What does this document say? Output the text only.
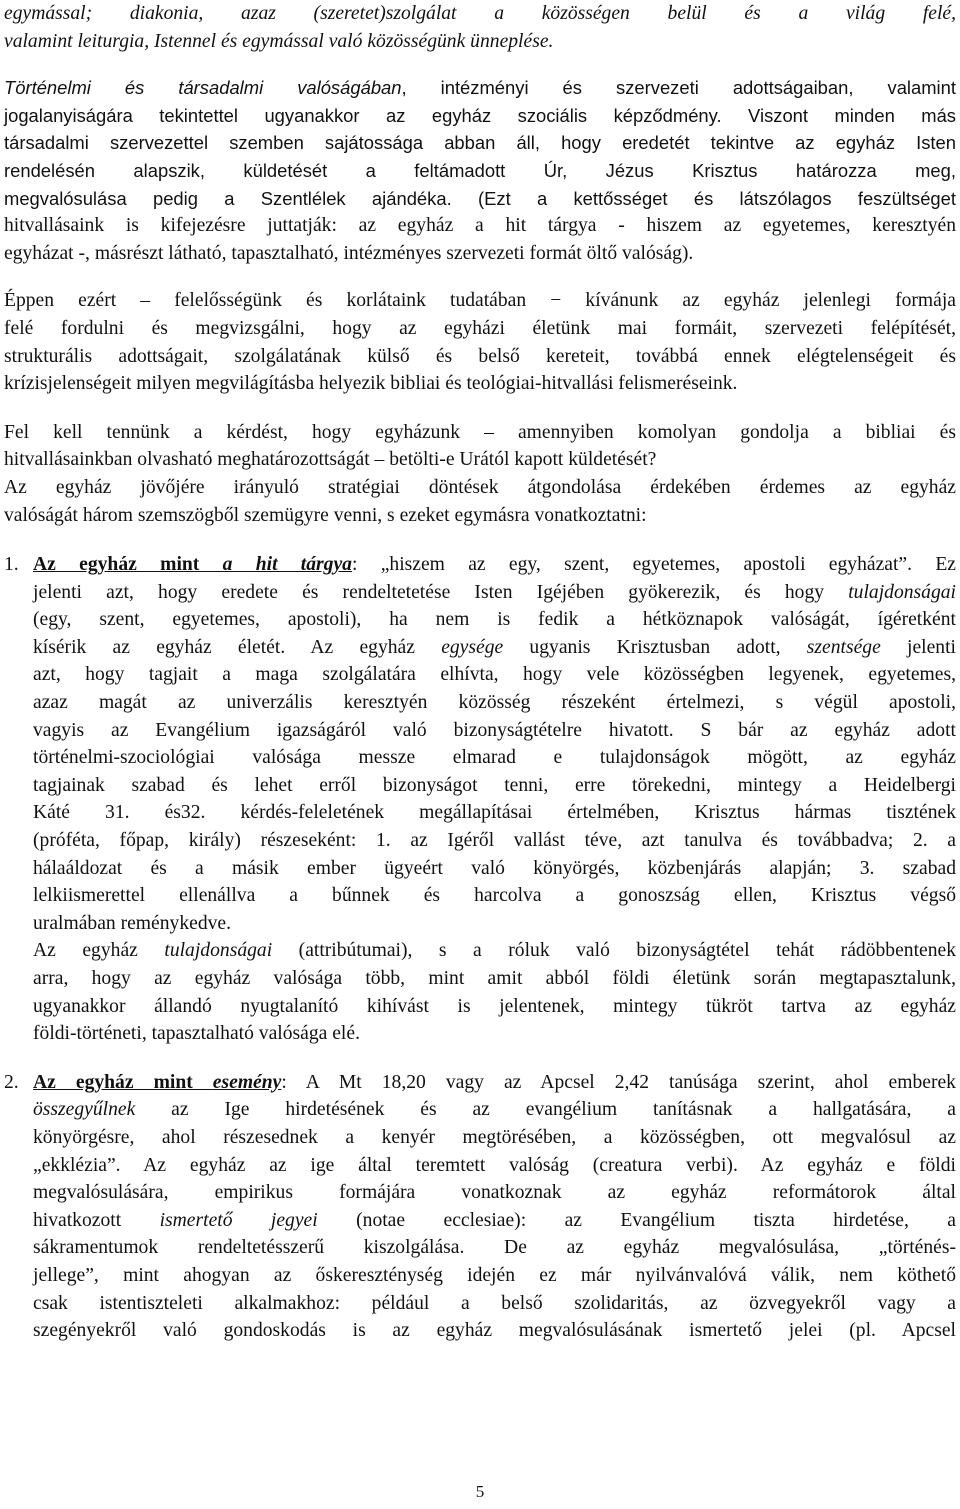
egymással; diakonia, azaz (szeretet)szolgálat a közösségen belül és a világ felé,
valamint leiturgia, Istennel és egymással való közösségünk ünneplése.
Történelmi és társadalmi valóságában, intézményi és szervezeti adottságaiban, valamint
jogalanyiságára tekintettel ugyanakkor az egyház szociális képződmény. Viszont minden más
társadalmi szervezettel szemben sajátossága abban áll, hogy eredetét tekintve az egyház Isten
rendelésén alapszik, küldetését a feltámadott Úr, Jézus Krisztus határozza meg,
megvalósulása pedig a Szentlélek ajándéka. (Ezt a kettősséget és látszólagos feszültséget
hitvallásaink is kifejezésre juttatják: az egyház a hit tárgya - hiszem az egyetemes, keresztyén
egyházat -, másrészt látható, tapasztalható, intézményes szervezeti formát öltő valóság).
Éppen ezért – felelősségünk és korlátaink tudatában − kívánunk az egyház jelenlegi formája
felé fordulni és megvizsgálni, hogy az egyházi életünk mai formáit, szervezeti felépítését,
strukturális adottságait, szolgálatának külső és belső kereteit, továbbá ennek elégtelenségeit és
krízisjelenségeit milyen megvilágításba helyezik bibliai és teológiai-hitvallási felismeréseink.
Fel kell tennünk a kérdést, hogy egyházunk – amennyiben komolyan gondolja a bibliai és
hitvallásainkban olvasható meghatározottságát – betölti-e Urától kapott küldetését?
Az egyház jövőjére irányuló stratégiai döntések átgondolása érdekében érdemes az egyház
valóságát három szemszögből szemügyre venni, s ezeket egymásra vonatkoztatni:
1. Az egyház mint a hit tárgya: „hiszem az egy, szent, egyetemes, apostoli egyházat”. Ez
jelenti azt, hogy eredete és rendeltetetése Isten Igéjében gyökerezik, és hogy tulajdonságai
(egy, szent, egyetemes, apostoli), ha nem is fedik a hétköznapok valóságát, ígéretként
kísérik az egyház életét. Az egyház egysége ugyanis Krisztusban adott, szentsége jelenti
azt, hogy tagjait a maga szolgálatára elhívta, hogy vele közösségben legyenek, egyetemes,
azaz magát az univerzális keresztyén közösség részeként értelmezi, s végül apostoli,
vagyis az Evangélium igazságáról való bizonyságtételre hivatott. S bár az egyház adott
történelmi-szociológiai valósága messze elmarad e tulajdonságok mögött, az egyház
tagjainak szabad és lehet erről bizonyságot tenni, erre törekedni, mintegy a Heidelbergi
Káté 31. és32. kérdés-feleletének megállapításai értelmében, Krisztus hármas tisztének
(próféta, főpap, király) részeseként: 1. az Igéről vallást téve, azt tanulva és továbbadva; 2. a
hálaáldozat és a másik ember ügyeért való könyörgés, közbenjárás alapján; 3. szabad
lelkiismerettel ellenállva a bűnnek és harcolva a gonoszság ellen, Krisztus végső
uralmában reménykedve.
Az egyház tulajdonságai (attribútumai), s a róluk való bizonyságtétel tehát rádöbbentenek
arra, hogy az egyház valósága több, mint amit abból földi életünk során megtapasztalunk,
ugyanakkor állandó nyugtalanító kihívást is jelentenek, mintegy tükröt tartva az egyház
földi-történeti, tapasztalható valósága elé.
2. Az egyház mint esemény: A Mt 18,20 vagy az Apcsel 2,42 tanúsága szerint, ahol emberek
összegyűlnek az Ige hirdetésének és az evangélium tanításnak a hallgatására, a
könyörgésre, ahol részesednek a kenyér megtörésében, a közösségben, ott megvalósul az
„ekklézia”. Az egyház az ige által teremtett valóság (creatura verbi). Az egyház e földi
megvalósulására, empirikus formájára vonatkoznak az egyház reformátorok által
hivatkozott ismertető jegyei (notae ecclesiae): az Evangélium tiszta hirdetése, a
sákramentumok rendeltetésszerű kiszolgálása. De az egyház megvalósulása, „történés-
jellege”, mint ahogyan az őskereszténység idején ez már nyilvánvalóvá válik, nem köthető
csak istentiszteleti alkalmakhoz: például a belső szolidaritás, az özvegyekről vagy a
szegényekről való gondoskodás is az egyház megvalósulásának ismertető jelei (pl. Apcsel
5
